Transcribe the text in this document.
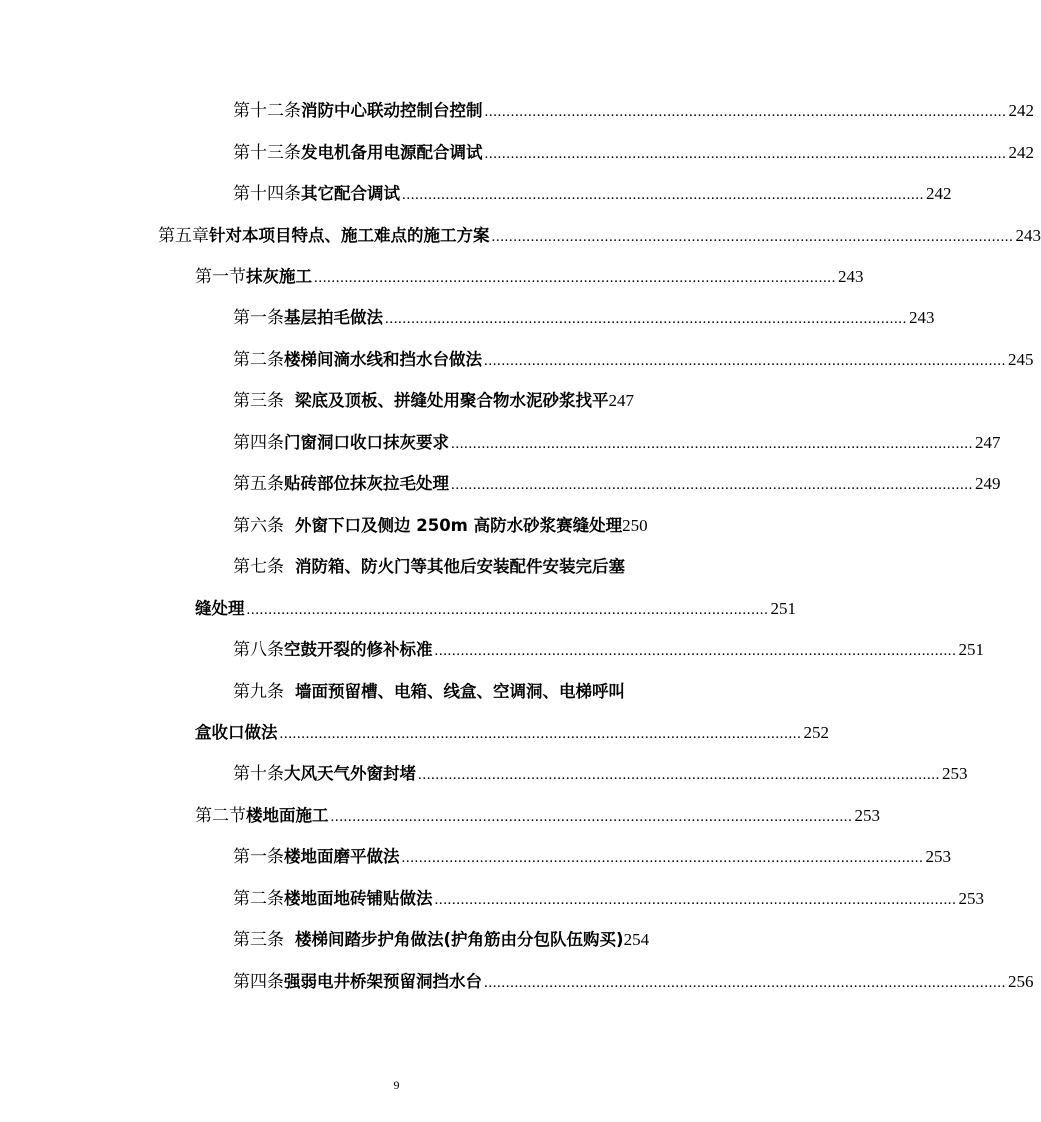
第十二条 消防中心联动控制台控制 ........................................................................................................................ 242
第十三条 发电机备用电源配合调试 ........................................................................................................................ 242
第十四条 其它配合调试 ........................................................................................................................ 242
第五章 针对本项目特点、施工难点的施工方案 ........................................................................................................................ 243
第一节 抹灰施工 ........................................................................................................................ 243
第一条 基层拍毛做法 ........................................................................................................................ 243
第二条 楼梯间滴水线和挡水台做法 ........................................................................................................................ 245
第三条 梁底及顶板、拼缝处用聚合物水泥砂浆找平 247
第四条 门窗洞口收口抹灰要求 ........................................................................................................................ 247
第五条 贴砖部位抹灰拉毛处理 ........................................................................................................................ 249
第六条 外窗下口及侧边 250m 高防水砂浆赛缝处理 250
第七条 消防箱、防火门等其他后安装配件安装完后塞
缝处理 ........................................................................................................................ 251
第八条 空鼓开裂的修补标准 ........................................................................................................................ 251
第九条 墙面预留槽、电箱、线盒、空调洞、电梯呼叫
盒收口做法 ........................................................................................................................ 252
第十条 大风天气外窗封堵 ........................................................................................................................ 253
第二节 楼地面施工 ........................................................................................................................ 253
第一条 楼地面磨平做法 ........................................................................................................................ 253
第二条 楼地面地砖铺贴做法 ........................................................................................................................ 253
第三条 楼梯间踏步护角做法(护角筋由分包队伍购买) 254
第四条 强弱电井桥架预留洞挡水台 ........................................................................................................................ 256
9
